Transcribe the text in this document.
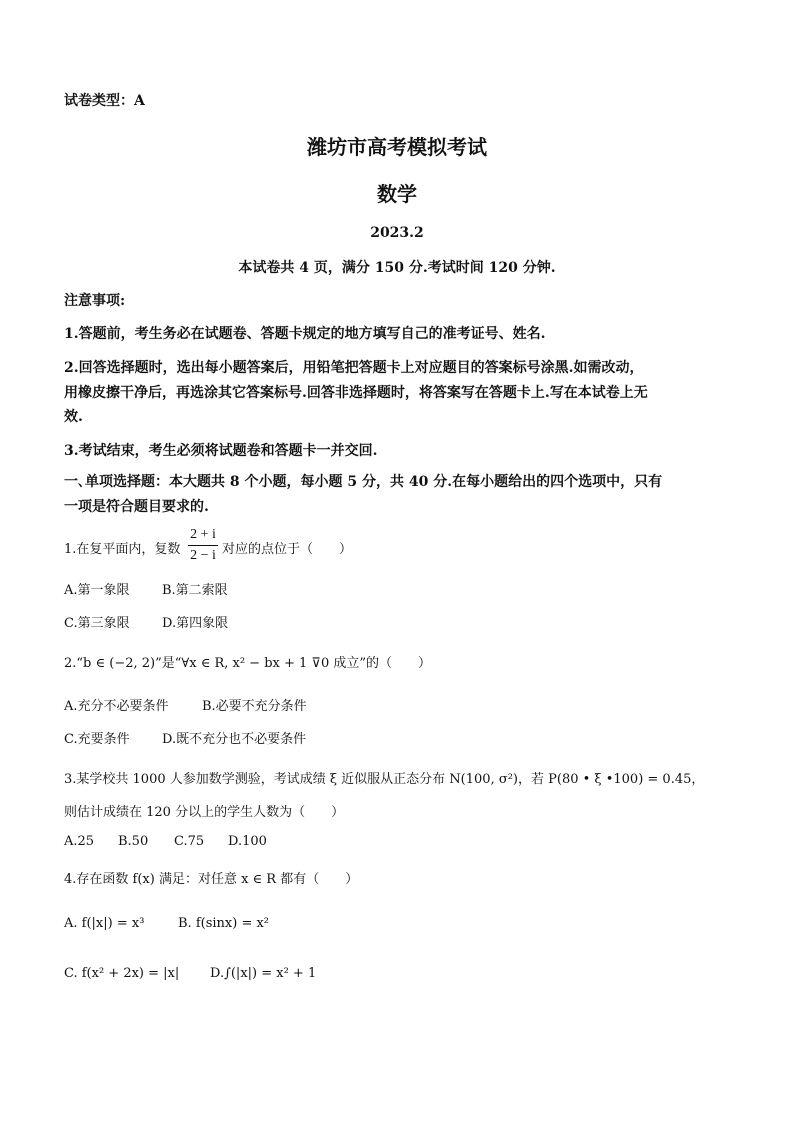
试卷类型：A
潍坊市高考模拟考试
数学
2023.2
本试卷共 4 页，满分 150 分.考试时间 120 分钟.
注意事项:
1.答题前，考生务必在试题卷、答题卡规定的地方填写自己的准考证号、姓名.
2.回答选择题时，选出每小题答案后，用铅笔把答题卡上对应题目的答案标号涂黑.如需改动，
用橡皮擦干净后，再选涂其它答案标号.回答非选择题时，将答案写在答题卡上.写在本试卷上无
效.
3.考试结束，考生必须将试题卷和答题卡一并交回.
一､单项选择题：本大题共 8 个小题，每小题 5 分，共 40 分.在每小题给出的四个选项中，只有
一项是符合题目要求的.
1.在复平面内，复数
2 + i
2 − i 对应的点位于（　　）
A.第一象限 B.第二索限
C.第三象限 D.第四象限
2.“b ∈ (−2, 2)”是“∀x ∈ R, x² − bx + 1 ⊽0 成立”的（　　）
A.充分不必要条件	B.必要不充分条件
C.充要条件 D.既不充分也不必要条件
3.某学校共 1000 人参加数学测验，考试成绩 ξ 近似服从正态分布 N(100, σ²)，若 P(80 • ξ •100) = 0.45，
则估计成绩在 120 分以上的学生人数为（　　）
A.25 B.50 C.75 D.100
4.存在函数 f(x) 满足：对任意 x ∈ R 都有（　　）
A. f(|x|) = x³	B. f(sinx) = x²
C. f(x² + 2x) = |x| D.∫(|x|) = x² + 1
